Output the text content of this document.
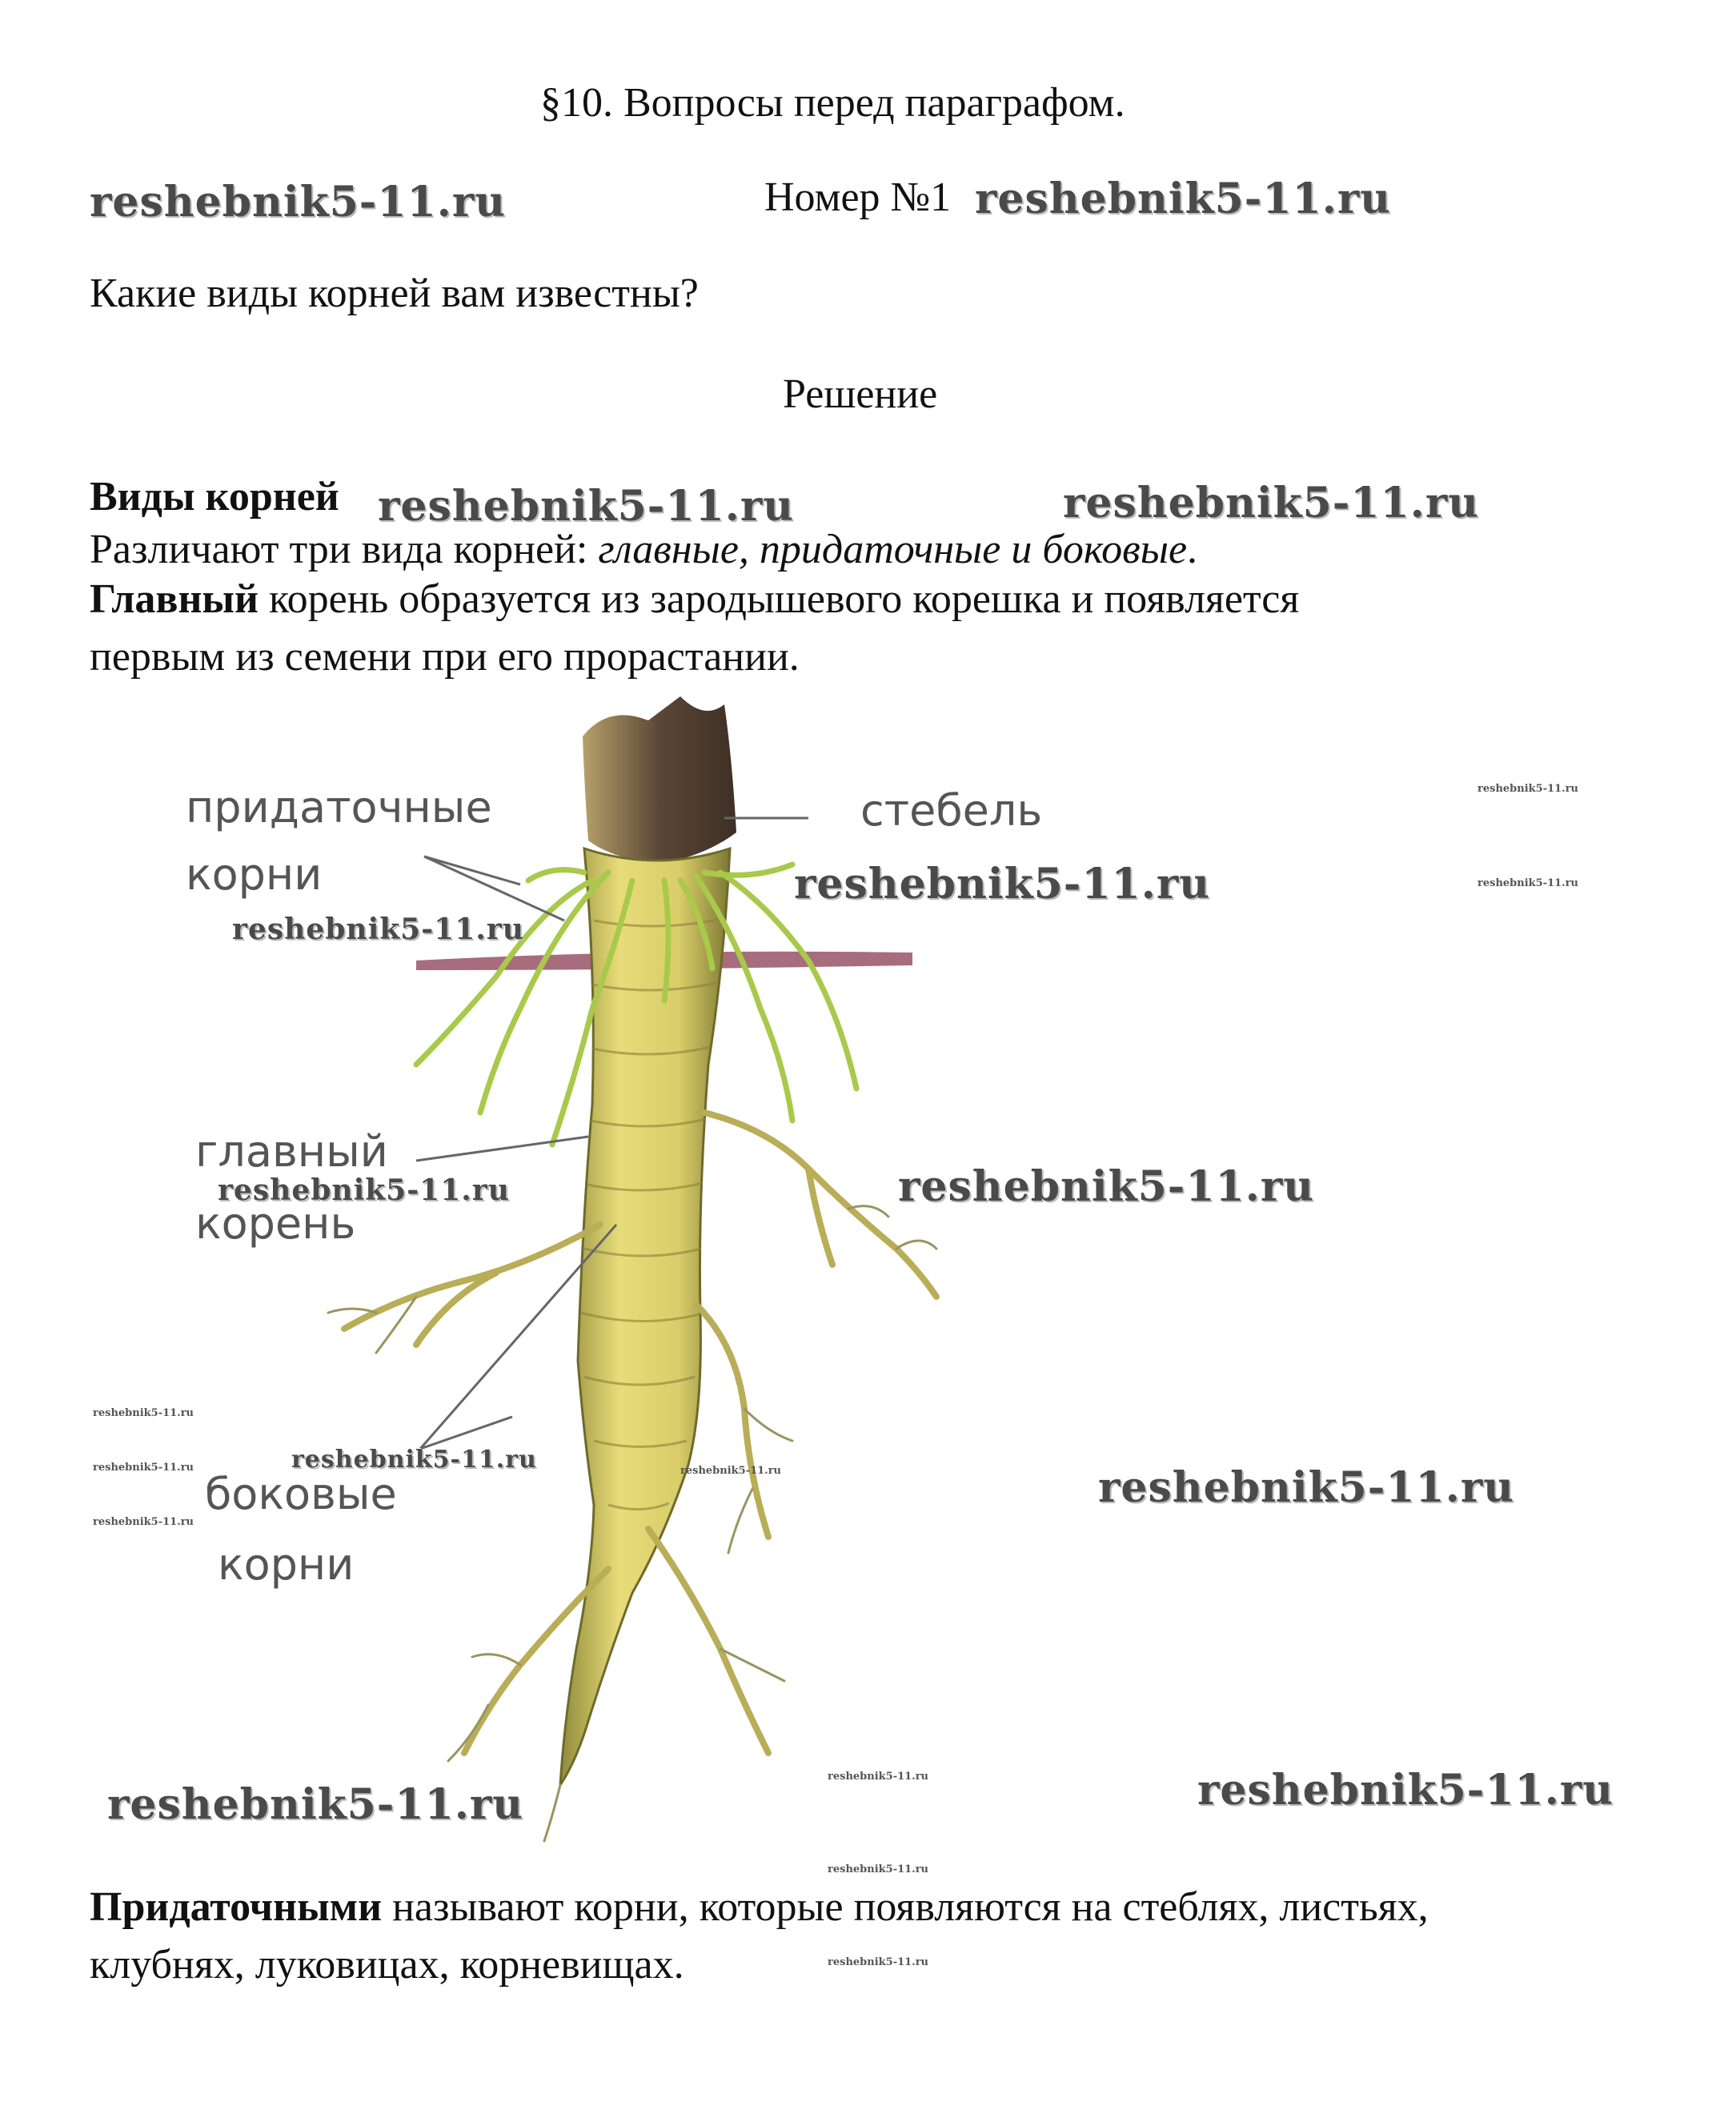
§10. Вопросы перед параграфом.
reshebnik5-11.ru	Номер №1 reshebnik5-11.ru
Какие виды корней вам известны?
Решение
Виды корней reshebnik5-11.ru	reshebnik5-11.ru
Различают три вида корней: главные, придаточные и боковые.
Главный корень образуется из зародышевого корешка и появляется
первым из семени при его прорастании.
придаточные
корни
стебель
главный
корень
боковые
корни
reshebnik5-11.ru
reshebnik5-11.ru
reshebnik5-11.ru	reshebnik5-11.ru
reshebnik5-11.ru
reshebnik5-11.ru
reshebnik5-11.ru	reshebnik5-11.ru
reshebnik5-11.ru
reshebnik5-11.ru
reshebnik5-11.ru
reshebnik5-11.ru
reshebnik5-11.ru
reshebnik5-11.ru
reshebnik5-11.ru
reshebnik5-11.ru
reshebnik5-11.ru
Придаточными называют корни, которые появляются на стеблях, листьях,
клубнях, луковицах, корневищах.
